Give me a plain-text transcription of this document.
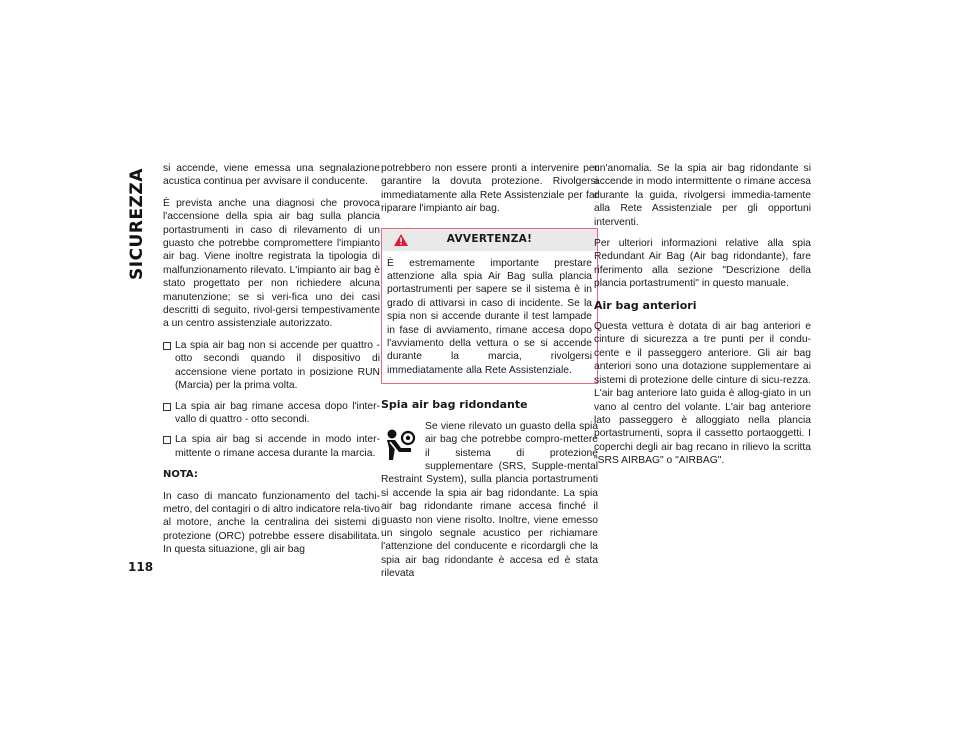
SICUREZZA
118

si accende, viene emessa una segnalazione acustica continua per avvisare il conducente.

È prevista anche una diagnosi che provoca l'accensione della spia air bag sulla plancia portastrumenti in caso di rilevamento di un guasto che potrebbe compromettere l'impianto air bag. Viene inoltre registrata la tipologia di malfunzionamento rilevato. L'impianto air bag è stato progettato per non richiedere alcuna manutenzione; se si veri-fica uno dei casi descritti di seguito, rivol-gersi tempestivamente a un centro assistenziale autorizzato.

La spia air bag non si accende per quattro - otto secondi quando il dispositivo di accensione viene portato in posizione RUN (Marcia) per la prima volta.
La spia air bag rimane accesa dopo l'inter-vallo di quattro - otto secondi.
La spia air bag si accende in modo inter-mittente o rimane accesa durante la marcia.

NOTA:

In caso di mancato funzionamento del tachi-metro, del contagiri o di altro indicatore rela-tivo al motore, anche la centralina dei sistemi di protezione (ORC) potrebbe essere disabilitata. In questa situazione, gli air bag

potrebbero non essere pronti a intervenire per garantire la dovuta protezione. Rivolgersi immediatamente alla Rete Assistenziale per far riparare l'impianto air bag.

AVVERTENZA!
È estremamente importante prestare attenzione alla spia Air Bag sulla plancia portastrumenti per sapere se il sistema è in grado di attivarsi in caso di incidente. Se la spia non si accende durante il test lampade in fase di avviamento, rimane accesa dopo l'avviamento della vettura o se si accende durante la marcia, rivolgersi immediatamente alla Rete Assistenziale.

Spia air bag ridondante

Se viene rilevato un guasto della spia air bag che potrebbe compro-mettere il sistema di protezione supplementare (SRS, Supple-mental Restraint System), sulla plancia portastrumenti si accende la spia air bag ridondante. La spia air bag ridondante rimane accesa finché il guasto non viene risolto. Inoltre, viene emesso un singolo segnale acustico per richiamare l'attenzione del conducente e ricordargli che la spia air bag ridondante è accesa ed è stata rilevata

un'anomalia. Se la spia air bag ridondante si accende in modo intermittente o rimane accesa durante la guida, rivolgersi immedia-tamente alla Rete Assistenziale per gli opportuni interventi.

Per ulteriori informazioni relative alla spia Redundant Air Bag (Air bag ridondante), fare riferimento alla sezione "Descrizione della plancia portastrumenti" in questo manuale.

Air bag anteriori

Questa vettura è dotata di air bag anteriori e cinture di sicurezza a tre punti per il condu-cente e il passeggero anteriore. Gli air bag anteriori sono una dotazione supplementare ai sistemi di protezione delle cinture di sicu-rezza. L'air bag anteriore lato guida è allog-giato in un vano al centro del volante. L'air bag anteriore lato passeggero è alloggiato nella plancia portastrumenti, sopra il cassetto portaoggetti. I coperchi degli air bag recano in rilievo la scritta "SRS AIRBAG" o "AIRBAG".
